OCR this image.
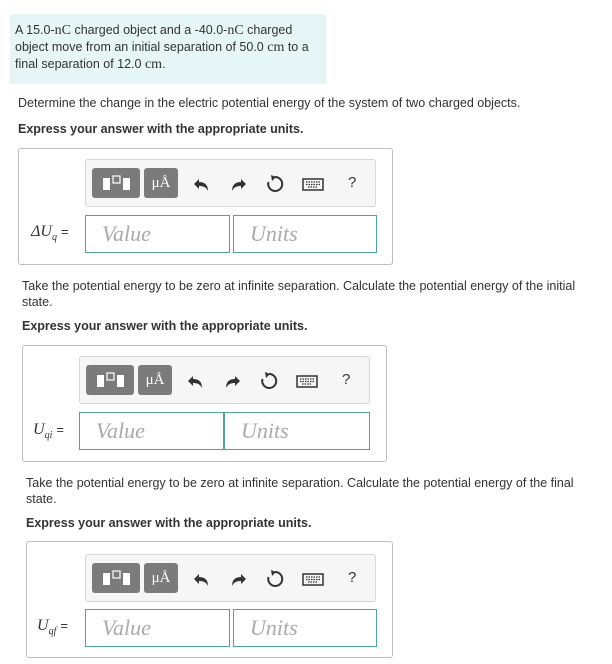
A 15.0-nC charged object and a -40.0-nC charged object move from an initial separation of 50.0 cm to a final separation of 12.0 cm.
Determine the change in the electric potential energy of the system of two charged objects.
Express your answer with the appropriate units.
μÅ	?
$\Delta U_q$ =	Value	Units
Take the potential energy to be zero at infinite separation. Calculate the potential energy of the initial state.
Express your answer with the appropriate units.
μÅ	?
$U_{qi}$ =	Value	Units
Take the potential energy to be zero at infinite separation. Calculate the potential energy of the final state.
Express your answer with the appropriate units.
μÅ	?
$U_{qf}$ =	Value	Units
